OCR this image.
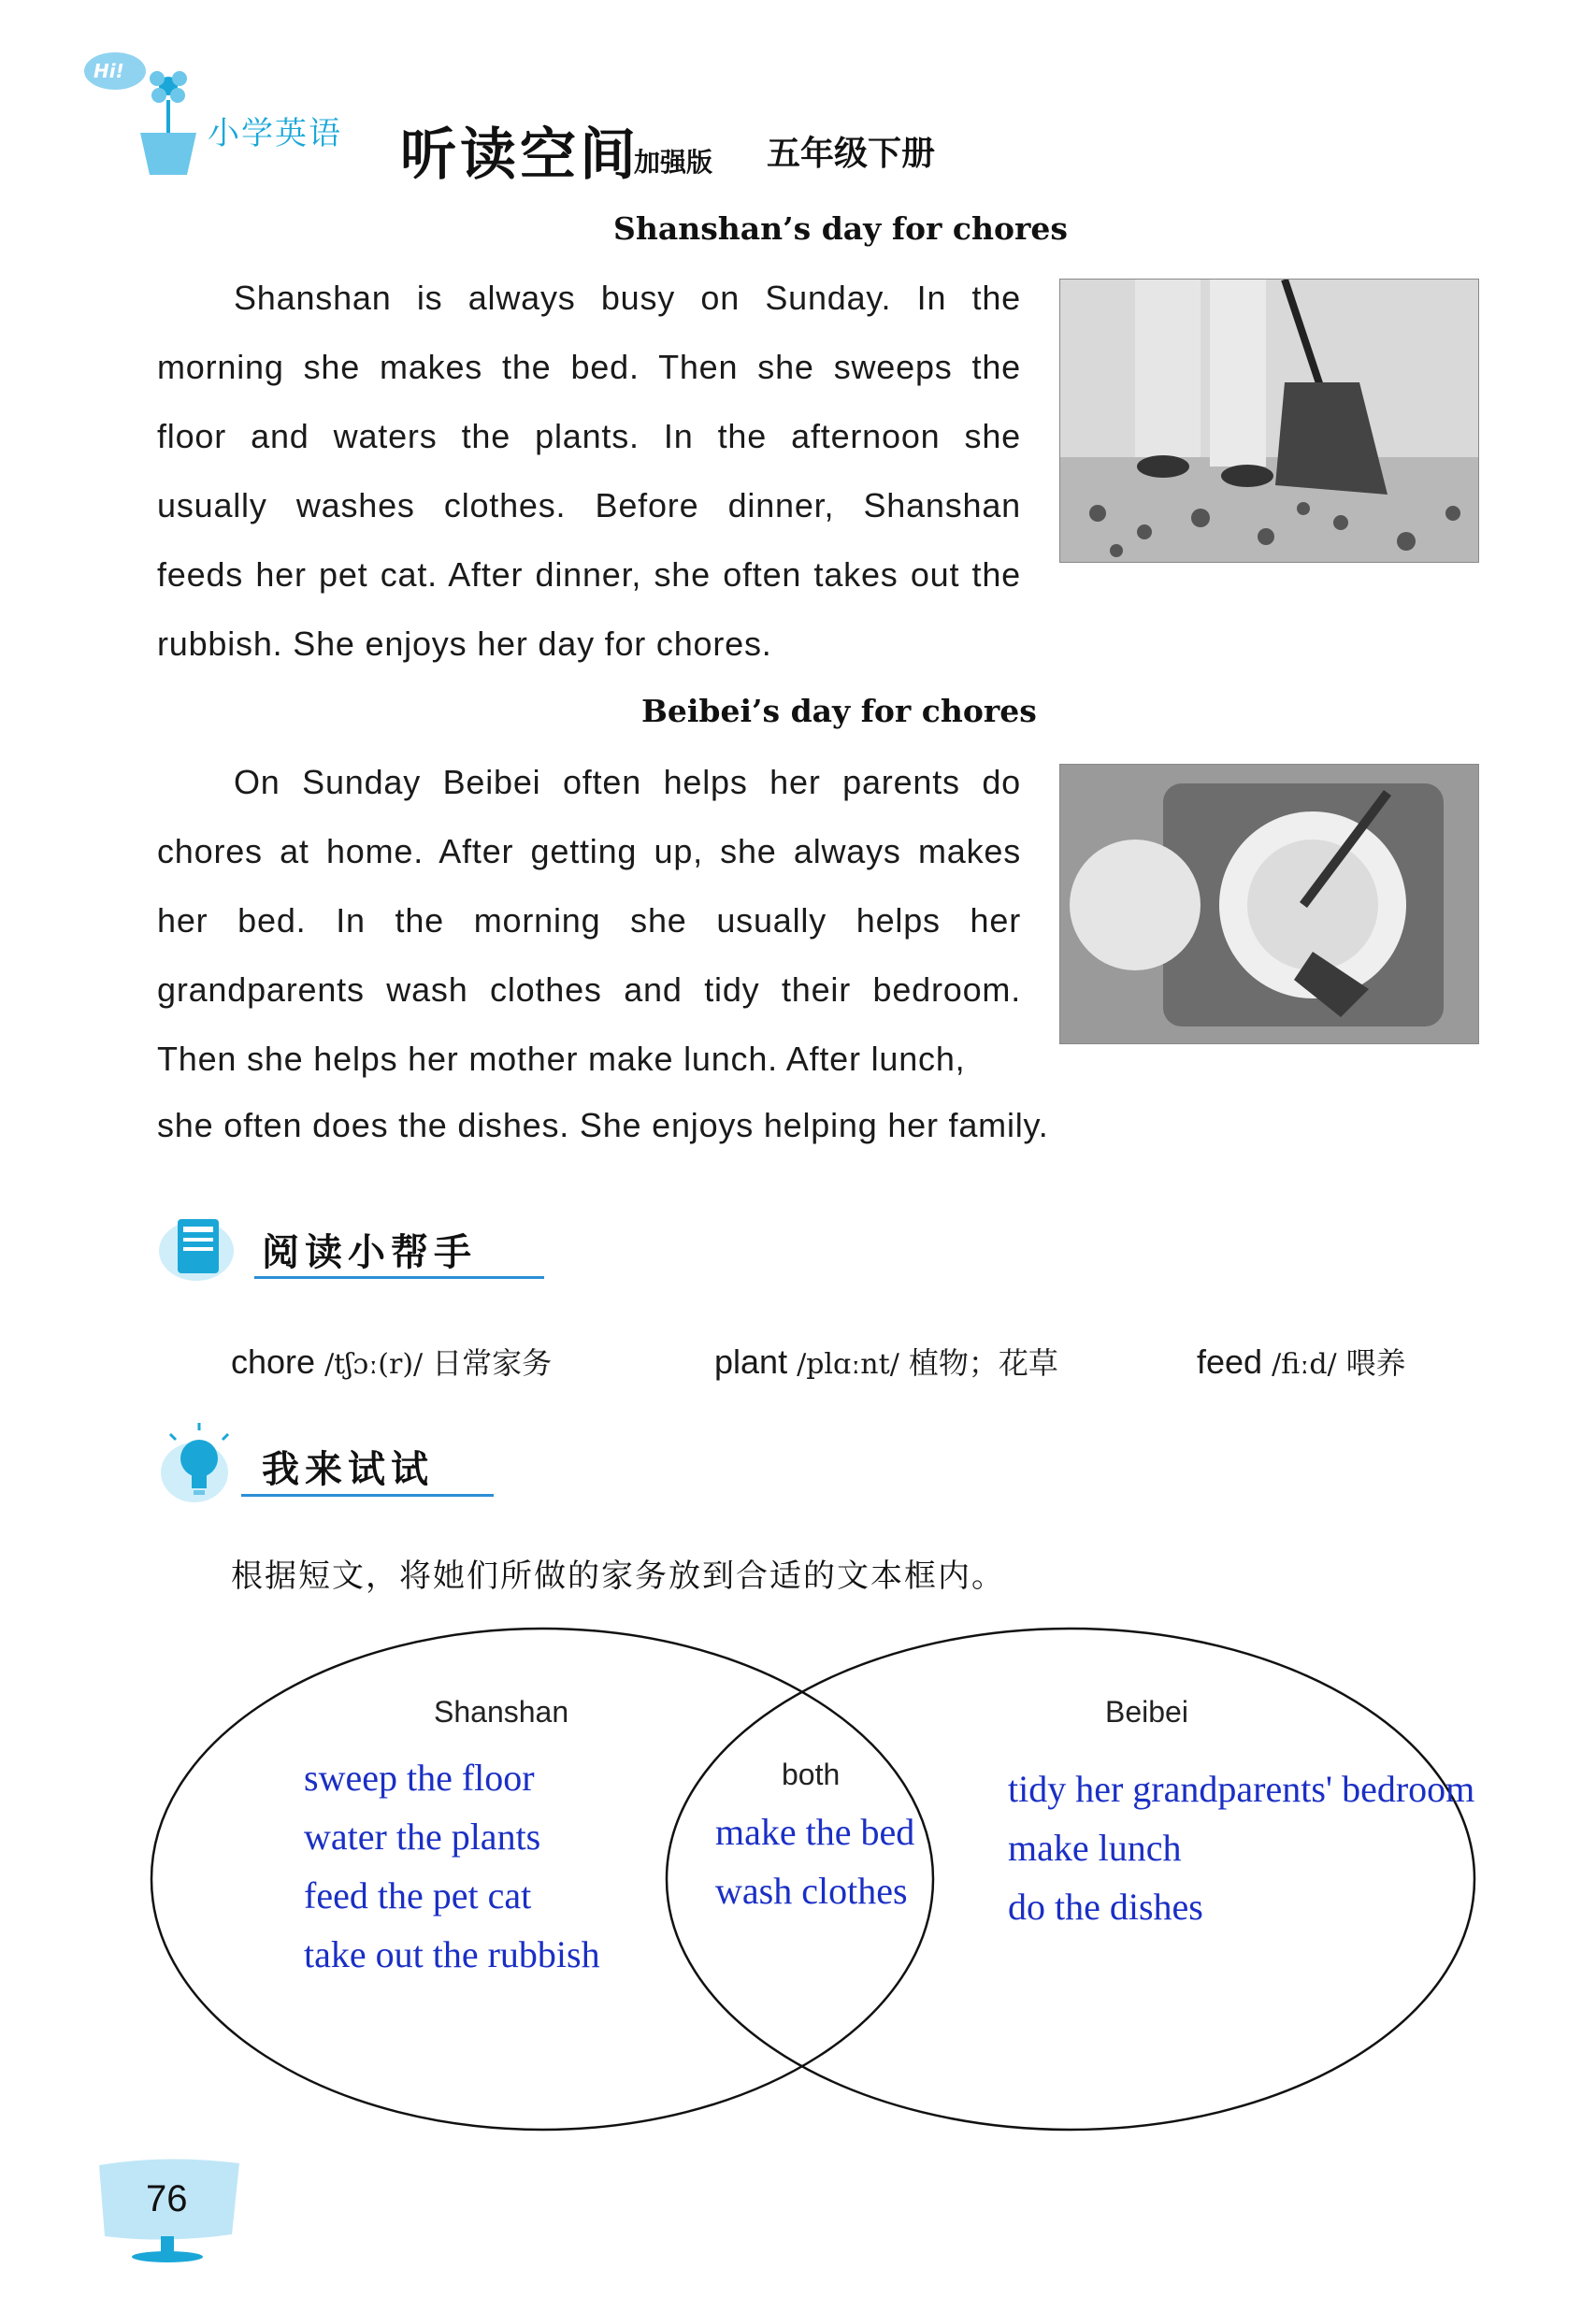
Hi!
小学英语 听读空间
加强版 五年级下册
Shanshan’s day for chores
Shanshan is always busy on Sunday. In the morning she makes the bed. Then she sweeps the floor and waters the plants. In the afternoon she usually washes clothes. Before dinner, Shanshan feeds her pet cat. After dinner, she often takes out the rubbish. She enjoys her day for chores.
Beibei’s day for chores
On Sunday Beibei often helps her parents do chores at home. After getting up, she always makes her bed. In the morning she usually helps her grandparents wash clothes and tidy their bedroom. Then she helps her mother make lunch. After lunch,
she often does the dishes. She enjoys helping her family.
阅读小帮手
chore /tʃɔː(r)/ 日常家务	plant /plɑːnt/ 植物；花草	feed /fiːd/ 喂养
我来试试
根据短文，将她们所做的家务放到合适的文本框内。
Shanshan
both
Beibei
sweep the floor
water the plants
feed the pet cat
take out the rubbish
make the bed
wash clothes
tidy her grandparents' bedroom
make lunch
do the dishes
76
